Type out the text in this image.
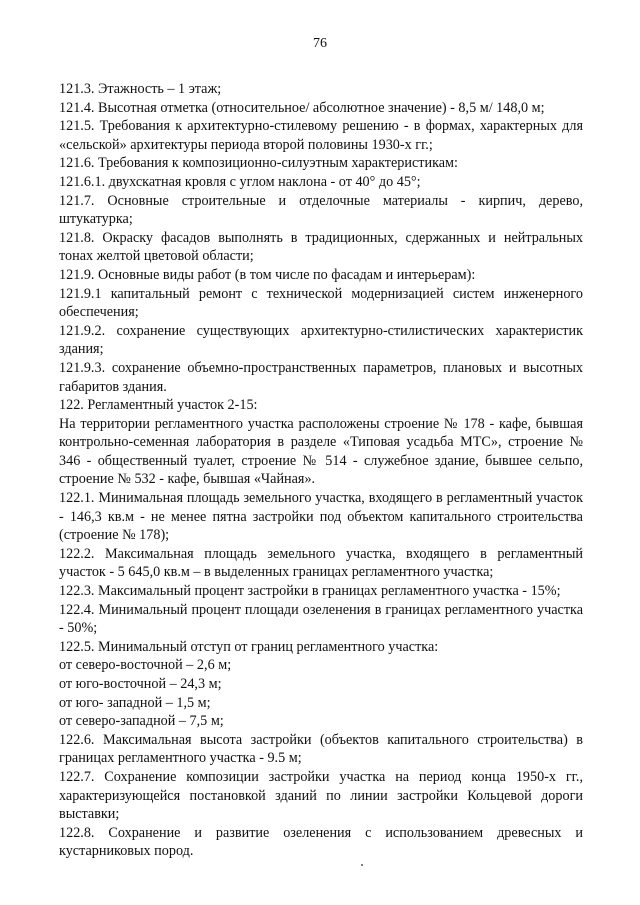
76

121.3. Этажность – 1 этаж;

121.4. Высотная отметка (относительное/ абсолютное значение) - 8,5 м/ 148,0 м;

121.5. Требования к архитектурно-стилевому решению - в формах, характерных для «сельской» архитектуры периода второй половины 1930-х гг.;

121.6. Требования к композиционно-силуэтным характеристикам:

121.6.1. двухскатная кровля с углом наклона - от 40° до 45°;

121.7. Основные строительные и отделочные материалы - кирпич, дерево, штукатурка;

121.8. Окраску фасадов выполнять в традиционных, сдержанных и нейтральных тонах желтой цветовой области;

121.9. Основные виды работ (в том числе по фасадам и интерьерам):

121.9.1 капитальный ремонт с технической модернизацией систем инженерного обеспечения;

121.9.2. сохранение существующих архитектурно-стилистических характеристик здания;

121.9.3. сохранение объемно-пространственных параметров, плановых и высотных габаритов здания.

122. Регламентный участок 2-15:

На территории регламентного участка расположены строение № 178 - кафе, бывшая контрольно-семенная лаборатория в разделе «Типовая усадьба МТС», строение № 346 - общественный туалет, строение № 514 - служебное здание, бывшее сельпо, строение № 532 - кафе, бывшая «Чайная».

122.1. Минимальная площадь земельного участка, входящего в регламентный участок - 146,3 кв.м - не менее пятна застройки под объектом капитального строительства (строение № 178);

122.2. Максимальная площадь земельного участка, входящего в регламентный участок - 5 645,0 кв.м – в выделенных границах регламентного участка;

122.3. Максимальный процент застройки в границах регламентного участка - 15%;

122.4. Минимальный процент площади озеленения в границах регламентного участка - 50%;

122.5. Минимальный отступ от границ регламентного участка:

от северо-восточной – 2,6 м;

от юго-восточной – 24,3 м;

от юго- западной – 1,5 м;

от северо-западной – 7,5 м;

122.6. Максимальная высота застройки (объектов капитального строительства) в границах регламентного участка - 9.5 м;

122.7. Сохранение композиции застройки участка на период конца 1950-х гг., характеризующейся постановкой зданий по линии застройки Кольцевой дороги выставки;

122.8. Сохранение и развитие озеленения с использованием древесных и кустарниковых пород.
